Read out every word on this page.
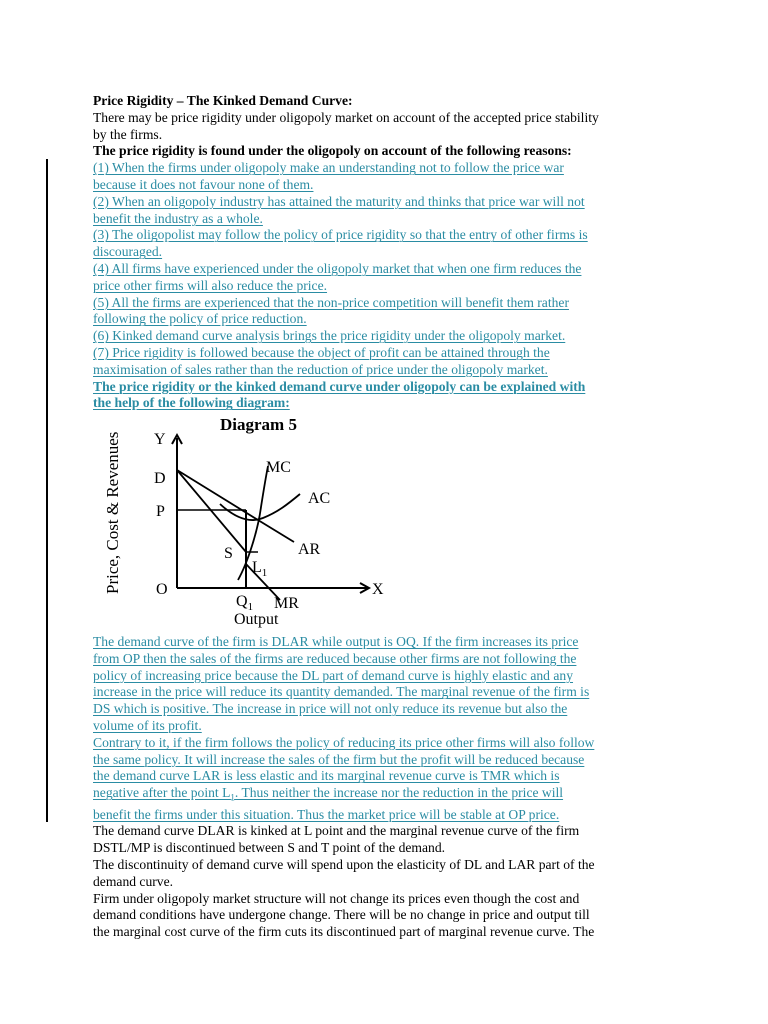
Price Rigidity – The Kinked Demand Curve:
There may be price rigidity under oligopoly market on account of the accepted price stability
by the firms.
The price rigidity is found under the oligopoly on account of the following reasons:
(1) When the firms under oligopoly make an understanding not to follow the price war
because it does not favour none of them.
(2) When an oligopoly industry has attained the maturity and thinks that price war will not
benefit the industry as a whole.
(3) The oligopolist may follow the policy of price rigidity so that the entry of other firms is
discouraged.
(4) All firms have experienced under the oligopoly market that when one firm reduces the
price other firms will also reduce the price.
(5) All the firms are experienced that the non-price competition will benefit them rather
following the policy of price reduction.
(6) Kinked demand curve analysis brings the price rigidity under the oligopoly market.
(7) Price rigidity is followed because the object of profit can be attained through the
maximisation of sales rather than the reduction of price under the oligopoly market.
The price rigidity or the kinked demand curve under oligopoly can be explained with
the help of the following diagram:
Price, Cost & Revenues
Diagram 5
Y
X
O
D
P
MC
AC
AR
S
$L_1$
$Q_1$ MR
Output
The demand curve of the firm is DLAR while output is OQ. If the firm increases its price
from OP then the sales of the firms are reduced because other firms are not following the
policy of increasing price because the DL part of demand curve is highly elastic and any
increase in the price will reduce its quantity demanded. The marginal revenue of the firm is
DS which is positive. The increase in price will not only reduce its revenue but also the
volume of its profit.
Contrary to it, if the firm follows the policy of reducing its price other firms will also follow
the same policy. It will increase the sales of the firm but the profit will be reduced because
the demand curve LAR is less elastic and its marginal revenue curve is TMR which is
negative after the point $L_1$. Thus neither the increase nor the reduction in the price will
benefit the firms under this situation. Thus the market price will be stable at OP price.
The demand curve DLAR is kinked at L point and the marginal revenue curve of the firm
DSTL/MP is discontinued between S and T point of the demand.
The discontinuity of demand curve will spend upon the elasticity of DL and LAR part of the
demand curve.
Firm under oligopoly market structure will not change its prices even though the cost and
demand conditions have undergone change. There will be no change in price and output till
the marginal cost curve of the firm cuts its discontinued part of marginal revenue curve. The
